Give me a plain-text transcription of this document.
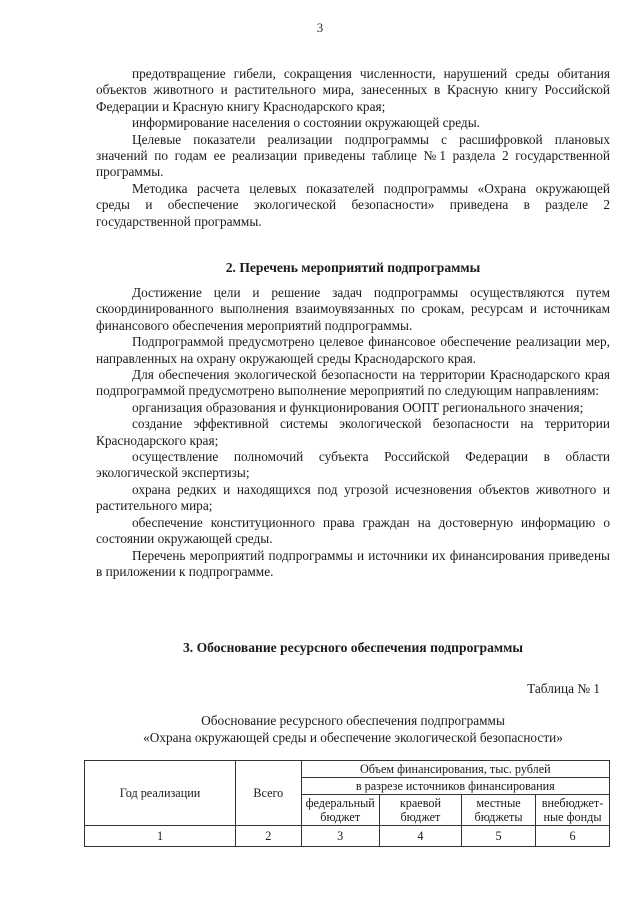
3

предотвращение гибели, сокращения численности, нарушений среды обитания объектов животного и растительного мира, занесенных в Красную книгу Российской Федерации и Красную книгу Краснодарского края;

информирование населения о состоянии окружающей среды.

Целевые показатели реализации подпрограммы с расшифровкой плановых значений по годам ее реализации приведены таблице №1 раздела 2 государственной программы.

Методика расчета целевых показателей подпрограммы «Охрана окружающей среды и обеспечение экологической безопасности» приведена в разделе 2 государственной программы.

2. Перечень мероприятий подпрограммы

Достижение цели и решение задач подпрограммы осуществляются путем скоординированного выполнения взаимоувязанных по срокам, ресурсам и источникам финансового обеспечения мероприятий подпрограммы.

Подпрограммой предусмотрено целевое финансовое обеспечение реализации мер, направленных на охрану окружающей среды Краснодарского края.

Для обеспечения экологической безопасности на территории Краснодарского края подпрограммой предусмотрено выполнение мероприятий по следующим направлениям:

организация образования и функционирования ООПТ регионального значения;

создание эффективной системы экологической безопасности на территории Краснодарского края;

осуществление полномочий субъекта Российской Федерации в области экологической экспертизы;

охрана редких и находящихся под угрозой исчезновения объектов животного и растительного мира;

обеспечение конституционного права граждан на достоверную информацию о состоянии окружающей среды.

Перечень мероприятий подпрограммы и источники их финансирования приведены в приложении к подпрограмме.

3. Обоснование ресурсного обеспечения подпрограммы
Таблица № 1
Обоснование ресурсного обеспечения подпрограммы
«Охрана окружающей среды и обеспечение экологической безопасности»
Год реализации	Всего	Объем финансирования, тыс. рублей			
		в разрезе источников финансирования			
		федеральный бюджет	краевой бюджет	местные бюджеты	внебюджет-ные фонды
1	2	3	4	5	6
